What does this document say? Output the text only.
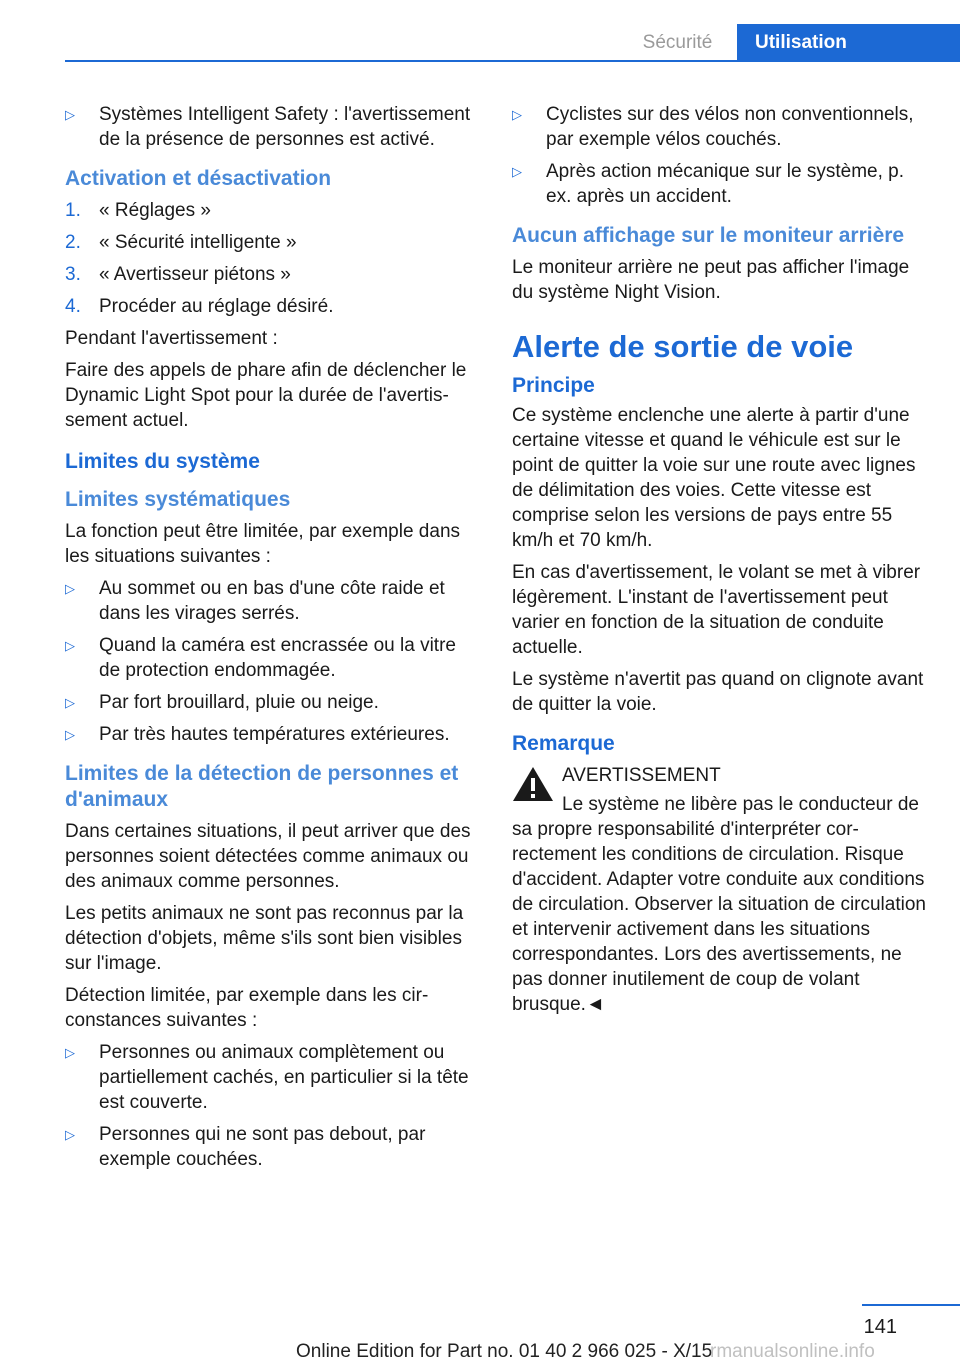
Sécurité	Utilisation
▷ Systèmes Intelligent Safety : l'avertissement de la présence de personnes est activé.
Activation et désactivation
1. « Réglages »
2. « Sécurité intelligente »
3. « Avertisseur piétons »
4. Procéder au réglage désiré.

Pendant l'avertissement :

Faire des appels de phare afin de déclencher le Dynamic Light Spot pour la durée de l'avertissement actuel.

Limites du système
Limites systématiques

La fonction peut être limitée, par exemple dans les situations suivantes :

▷ Au sommet ou en bas d'une côte raide et dans les virages serrés.
▷ Quand la caméra est encrassée ou la vitre de protection endommagée.
▷ Par fort brouillard, pluie ou neige.
▷ Par très hautes températures extérieures.
Limites de la détection de personnes et d'animaux

Dans certaines situations, il peut arriver que des personnes soient détectées comme animaux ou des animaux comme personnes.

Les petits animaux ne sont pas reconnus par la détection d'objets, même s'ils sont bien visibles sur l'image.

Détection limitée, par exemple dans les circonstances suivantes :

▷ Personnes ou animaux complètement ou partiellement cachés, en particulier si la tête est couverte.
▷ Personnes qui ne sont pas debout, par exemple couchées.
▷ Cyclistes sur des vélos non conventionnels, par exemple vélos couchés.
▷ Après action mécanique sur le système, p. ex. après un accident.
Aucun affichage sur le moniteur arrière

Le moniteur arrière ne peut pas afficher l'image du système Night Vision.

Alerte de sortie de voie
Principe

Ce système enclenche une alerte à partir d'une certaine vitesse et quand le véhicule est sur le point de quitter la voie sur une route avec lignes de délimitation des voies. Cette vitesse est comprise selon les versions de pays entre 55 km/h et 70 km/h.

En cas d'avertissement, le volant se met à vibrer légèrement. L'instant de l'avertissement peut varier en fonction de la situation de conduite actuelle.

Le système n'avertit pas quand on clignote avant de quitter la voie.

Remarque
AVERTISSEMENT

Le système ne libère pas le conducteur de sa propre responsabilité d'interpréter correctement les conditions de circulation. Risque d'accident. Adapter votre conduite aux conditions de circulation. Observer la situation de circulation et intervenir activement dans les situations correspondantes. Lors des avertissements, ne pas donner inutilement de coup de volant brusque.◄

141
Online Edition for Part no. 01 40 2 966 025 - X/15
rmanualsonline.info
